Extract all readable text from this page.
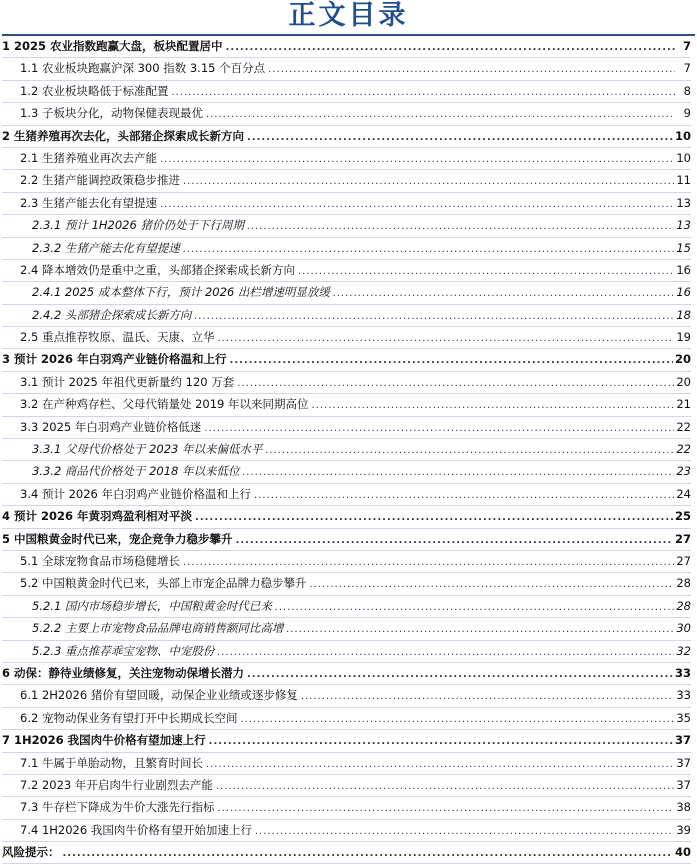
正文目录
1 2025 农业指数跑赢大盘，板块配置居中 .....	7
1.1 农业板块跑赢沪深 300 指数 3.15 个百分点 .....	7
1.2 农业板块略低于标准配置 .....	8
1.3 子板块分化，动物保健表现最优 .....	9
2 生猪养殖再次去化，头部猪企探索成长新方向 .....	10
2.1 生猪养殖业再次去产能 .....	10
2.2 生猪产能调控政策稳步推进 .....	11
2.3 生猪产能去化有望提速 .....	13
2.3.1 预计 1H2026 猪价仍处于下行周期 .....	13
2.3.2 生猪产能去化有望提速 .....	15
2.4 降本增效仍是重中之重，头部猪企探索成长新方向 .....	16
2.4.1 2025 成本整体下行，预计 2026 出栏增速明显放缓 .....	16
2.4.2 头部猪企探索成长新方向 .....	18
2.5 重点推荐牧原、温氏、天康、立华 .....	19
3 预计 2026 年白羽鸡产业链价格温和上行 .....	20
3.1 预计 2025 年祖代更新量约 120 万套 .....	20
3.2 在产种鸡存栏、父母代销量处 2019 年以来同期高位 .....	21
3.3 2025 年白羽鸡产业链价格低迷 .....	22
3.3.1 父母代价格处于 2023 年以来偏低水平 .....	22
3.3.2 商品代价格处于 2018 年以来低位 .....	23
3.4 预计 2026 年白羽鸡产业链价格温和上行 .....	24
4 预计 2026 年黄羽鸡盈利相对平淡 .....	25
5 中国粮黄金时代已来，宠企竞争力稳步攀升 .....	27
5.1 全球宠物食品市场稳健增长 .....	27
5.2 中国粮黄金时代已来，头部上市宠企品牌力稳步攀升 .....	28
5.2.1 国内市场稳步增长，中国粮黄金时代已来 .....	28
5.2.2 主要上市宠物食品品牌电商销售额同比高增 .....	30
5.2.3 重点推荐乖宝宠物、中宠股份 .....	32
6 动保：静待业绩修复，关注宠物动保增长潜力 .....	33
6.1 2H2026 猪价有望回暖，动保企业业绩或逐步修复 .....	33
6.2 宠物动保业务有望打开中长期成长空间 .....	35
7 1H2026 我国肉牛价格有望加速上行 .....	37
7.1 牛属于单胎动物，且繁育时间长 .....	37
7.2 2023 年开启肉牛行业剧烈去产能 .....	37
7.3 牛存栏下降成为牛价大涨先行指标 .....	38
7.4 1H2026 我国肉牛价格有望开始加速上行 .....	39
风险提示： .....	40
